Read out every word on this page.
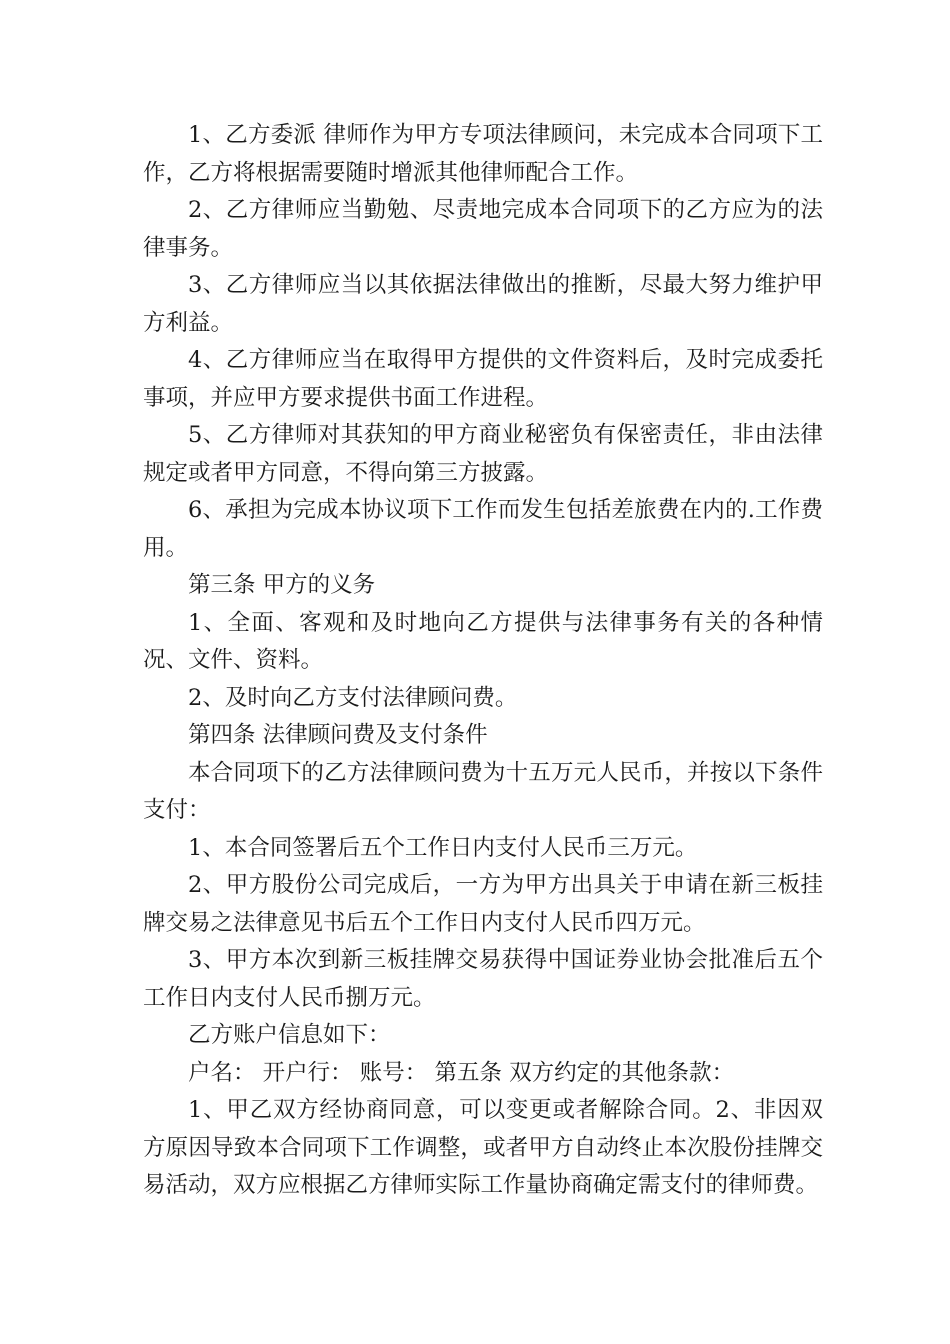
1、乙方委派 律师作为甲方专项法律顾问，未完成本合同项下工作，乙方将根据需要随时增派其他律师配合工作。

2、乙方律师应当勤勉、尽责地完成本合同项下的乙方应为的法律事务。

3、乙方律师应当以其依据法律做出的推断，尽最大努力维护甲方利益。

4、乙方律师应当在取得甲方提供的文件资料后，及时完成委托事项，并应甲方要求提供书面工作进程。

5、乙方律师对其获知的甲方商业秘密负有保密责任，非由法律规定或者甲方同意，不得向第三方披露。

6、承担为完成本协议项下工作而发生包括差旅费在内的.工作费用。

第三条 甲方的义务

1、全面、客观和及时地向乙方提供与法律事务有关的各种情况、文件、资料。

2、及时向乙方支付法律顾问费。

第四条 法律顾问费及支付条件

本合同项下的乙方法律顾问费为十五万元人民币，并按以下条件支付：

1、本合同签署后五个工作日内支付人民币三万元。

2、甲方股份公司完成后，一方为甲方出具关于申请在新三板挂牌交易之法律意见书后五个工作日内支付人民币四万元。

3、甲方本次到新三板挂牌交易获得中国证券业协会批准后五个工作日内支付人民币捌万元。

乙方账户信息如下：

户名： 开户行： 账号： 第五条 双方约定的其他条款：

1、甲乙双方经协商同意，可以变更或者解除合同。2、非因双方原因导致本合同项下工作调整，或者甲方自动终止本次股份挂牌交易活动，双方应根据乙方律师实际工作量协商确定需支付的律师费。
